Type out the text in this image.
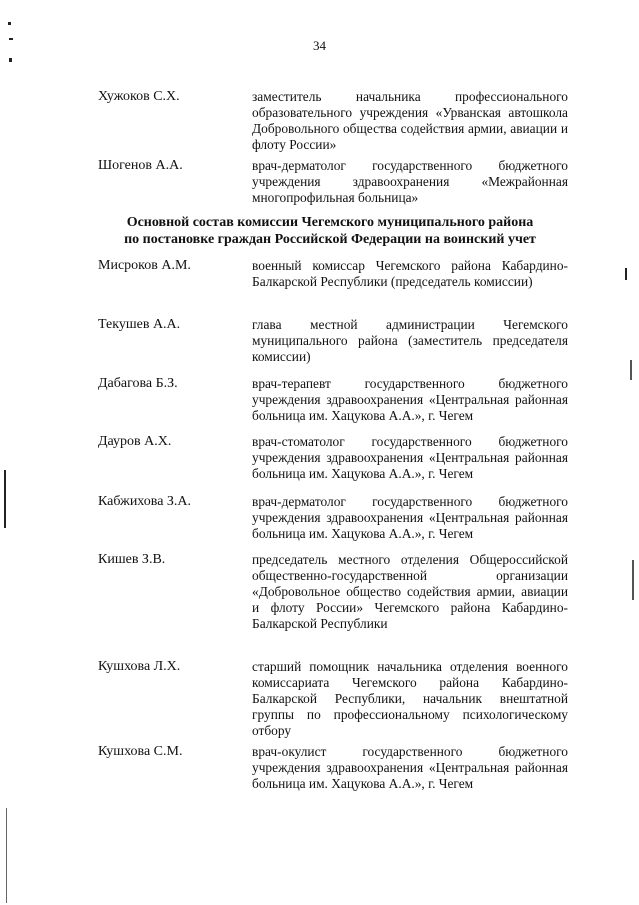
34
Хужоков С.Х.	заместитель начальника профессионального образовательного учреждения «Урванская автошкола Добровольного общества содействия армии, авиации и флоту России»
Шогенов А.А.	врач-дерматолог государственного бюджетного учреждения здравоохранения «Межрайонная многопрофильная больница»
Основной состав комиссии Чегемского муниципального района
по постановке граждан Российской Федерации на воинский учет
Мисроков А.М.	военный комиссар Чегемского района Кабардино-Балкарской Республики (председатель комиссии)
Текушев А.А.	глава местной администрации Чегемского муниципального района (заместитель председателя комиссии)
Дабагова Б.З.	врач-терапевт государственного бюджетного учреждения здравоохранения «Центральная районная больница им. Хацукова А.А.», г. Чегем
Дауров А.Х.	врач-стоматолог государственного бюджетного учреждения здравоохранения «Центральная районная больница им. Хацукова А.А.», г. Чегем
Кабжихова З.А.	врач-дерматолог государственного бюджетного учреждения здравоохранения «Центральная районная больница им. Хацукова А.А.», г. Чегем
Кишев З.В.	председатель местного отделения Общероссийской общественно-государственной организации «Добровольное общество содействия армии, авиации и флоту России» Чегемского района Кабардино-Балкарской Республики
Кушхова Л.Х.	старший помощник начальника отделения военного комиссариата Чегемского района Кабардино-Балкарской Республики, начальник внештатной группы по профессиональному психологическому отбору
Кушхова С.М.	врач-окулист государственного бюджетного учреждения здравоохранения «Центральная районная больница им. Хацукова А.А.», г. Чегем
